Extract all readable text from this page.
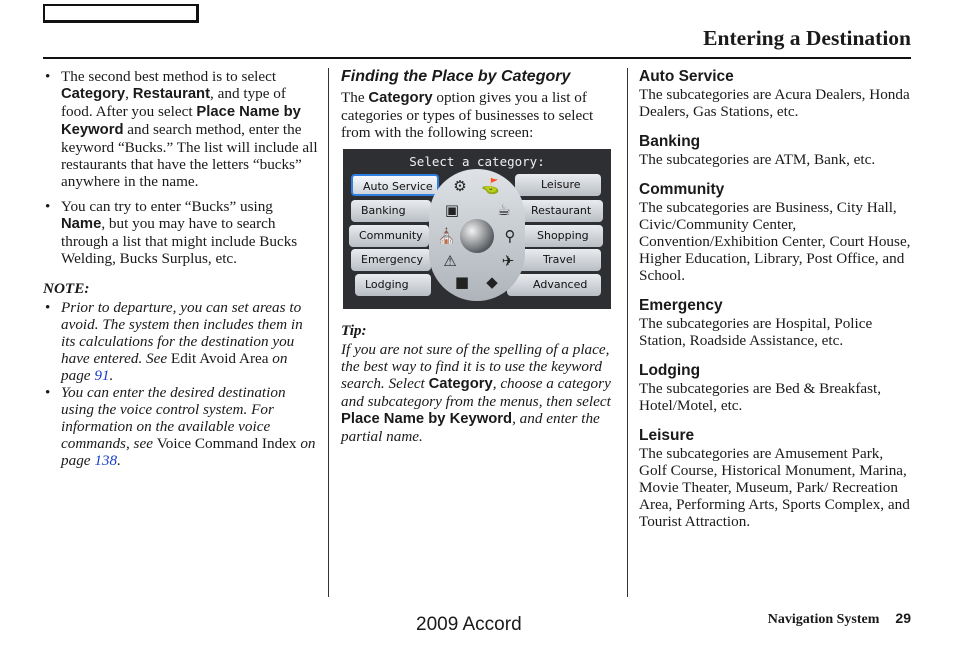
Entering a Destination
• The second best method is to select Category, Restaurant, and type of food. After you select Place Name by Keyword and search method, enter the keyword “Bucks.” The list will include all restaurants that have the letters “bucks” anywhere in the name.
• You can try to enter “Bucks” using Name, but you may have to search through a list that might include Bucks Welding, Bucks Surplus, etc.
NOTE:
• Prior to departure, you can set areas to avoid. The system then includes them in its calculations for the destination you have entered. See Edit Avoid Area on page 91.
• You can enter the desired destination using the voice control system. For information on the available voice commands, see Voice Command Index on page 138.
Finding the Place by Category
The Category option gives you a list of categories or types of businesses to select from with the following screen:
Select a category:
Auto Service
Banking
Community
Emergency
Lodging
Leisure
Restaurant
Shopping
Travel
Advanced
⚙ ⛳
▣	☕
⛪	⚲
⚠	✈
■ ◆
Tip:
If you are not sure of the spelling of a place, the best way to find it is to use the keyword search. Select Category, choose a category and subcategory from the menus, then select Place Name by Keyword, and enter the partial name.
Auto Service
The subcategories are Acura Dealers, Honda Dealers, Gas Stations, etc.
Banking
The subcategories are ATM, Bank, etc.
Community
The subcategories are Business, City Hall, Civic/Community Center, Convention/Exhibition Center, Court House, Higher Education, Library, Post Office, and School.
Emergency
The subcategories are Hospital, Police Station, Roadside Assistance, etc.
Lodging
The subcategories are Bed & Breakfast, Hotel/Motel, etc.
Leisure
The subcategories are Amusement Park, Golf Course, Historical Monument, Marina, Movie Theater, Museum, Park/ Recreation Area, Performing Arts, Sports Complex, and Tourist Attraction.
2009 Accord	Navigation System 29
